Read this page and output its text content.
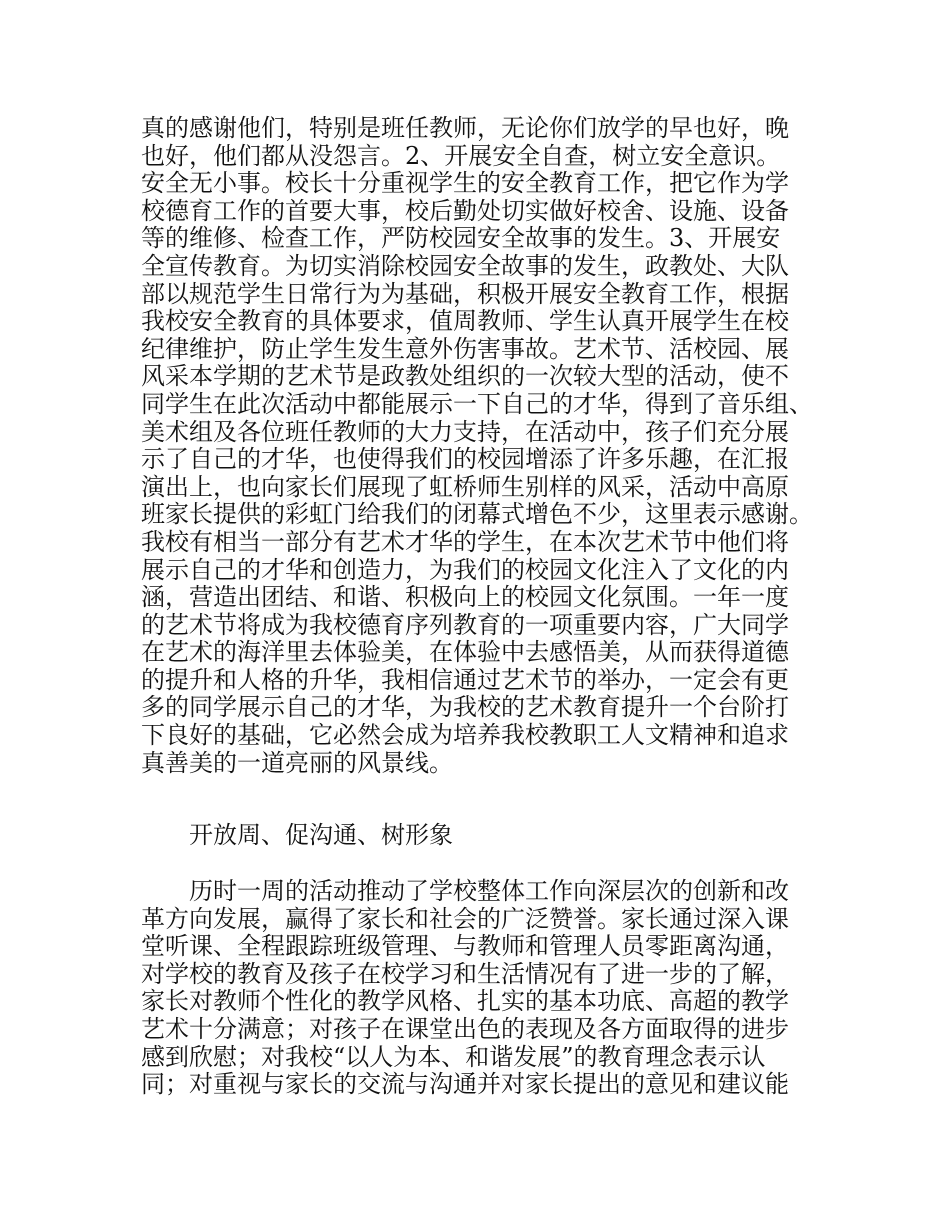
真的感谢他们，特别是班任教师，无论你们放学的早也好，晚
也好，他们都从没怨言。2、开展安全自查，树立安全意识。
安全无小事。校长十分重视学生的安全教育工作，把它作为学
校德育工作的首要大事，校后勤处切实做好校舍、设施、设备
等的维修、检查工作，严防校园安全故事的发生。3、开展安
全宣传教育。为切实消除校园安全故事的发生，政教处、大队
部以规范学生日常行为为基础，积极开展安全教育工作，根据
我校安全教育的具体要求，值周教师、学生认真开展学生在校
纪律维护，防止学生发生意外伤害事故。艺术节、活校园、展
风采本学期的艺术节是政教处组织的一次较大型的活动，使不
同学生在此次活动中都能展示一下自己的才华，得到了音乐组、
美术组及各位班任教师的大力支持，在活动中，孩子们充分展
示了自己的才华，也使得我们的校园增添了许多乐趣，在汇报
演出上，也向家长们展现了虹桥师生别样的风采，活动中高原
班家长提供的彩虹门给我们的闭幕式增色不少，这里表示感谢。
我校有相当一部分有艺术才华的学生，在本次艺术节中他们将
展示自己的才华和创造力，为我们的校园文化注入了文化的内
涵，营造出团结、和谐、积极向上的校园文化氛围。一年一度
的艺术节将成为我校德育序列教育的一项重要内容，广大同学
在艺术的海洋里去体验美，在体验中去感悟美，从而获得道德
的提升和人格的升华，我相信通过艺术节的举办，一定会有更
多的同学展示自己的才华，为我校的艺术教育提升一个台阶打
下良好的基础，它必然会成为培养我校教职工人文精神和追求
真善美的一道亮丽的风景线。
开放周、促沟通、树形象
历时一周的活动推动了学校整体工作向深层次的创新和改
革方向发展，赢得了家长和社会的广泛赞誉。家长通过深入课
堂听课、全程跟踪班级管理、与教师和管理人员零距离沟通，
对学校的教育及孩子在校学习和生活情况有了进一步的了解，
家长对教师个性化的教学风格、扎实的基本功底、高超的教学
艺术十分满意；对孩子在课堂出色的表现及各方面取得的进步
感到欣慰；对我校“以人为本、和谐发展”的教育理念表示认
同；对重视与家长的交流与沟通并对家长提出的意见和建议能
